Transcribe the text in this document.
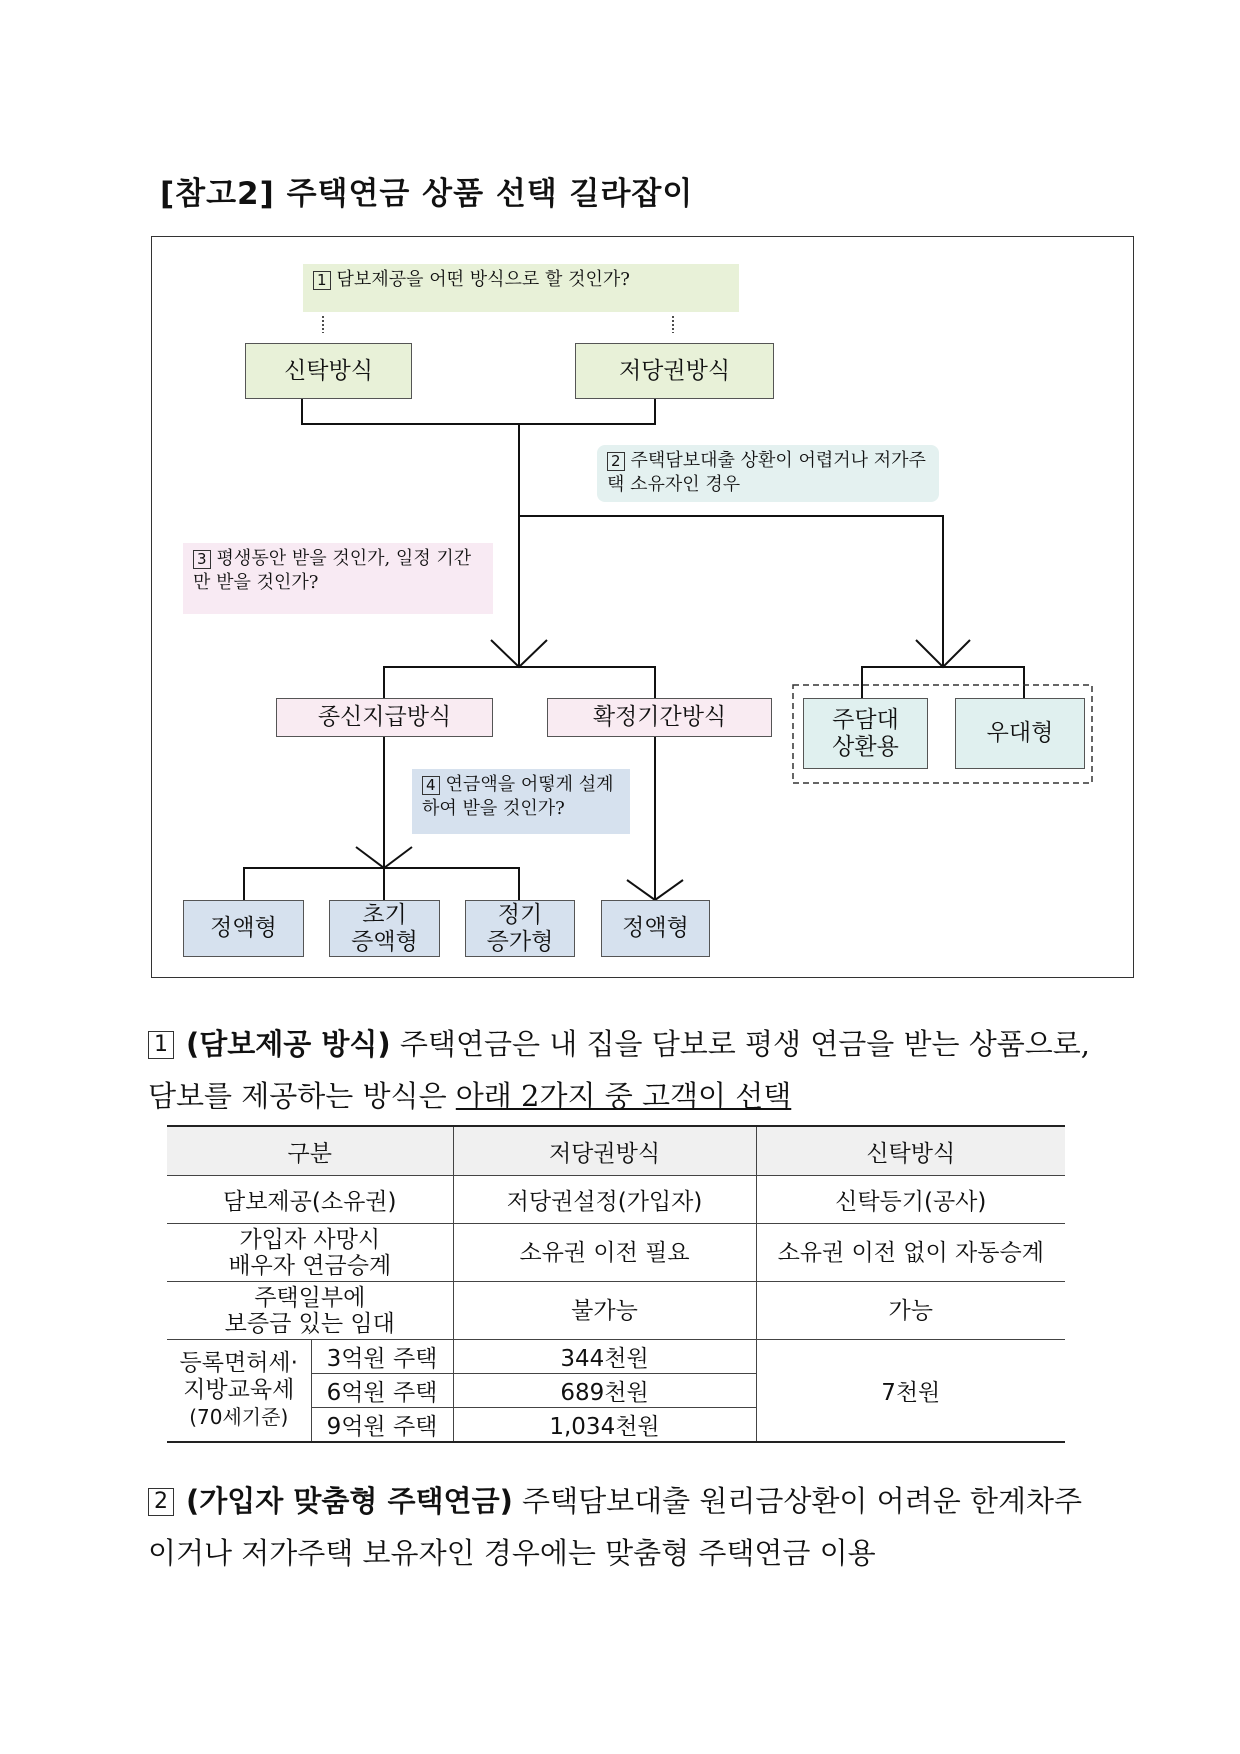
[참고2] 주택연금 상품 선택 길라잡이
1 담보제공을 어떤 방식으로 할 것인가?
2 주택담보대출 상환이 어렵거나 저가주택 소유자인 경우
3 평생동안 받을 것인가, 일정 기간만 받을 것인가?
4 연금액을 어떻게 설계하여 받을 것인가?
신탁방식	저당권방식
종신지급방식	확정기간방식	주담대
상환용
우대형
정액형
초기
증액형
정기
증가형
정액형
1 (담보제공 방식) 주택연금은 내 집을 담보로 평생 연금을 받는 상품으로, 담보를 제공하는 방식은 아래 2가지 중 고객이 선택
구분		저당권방식	신탁방식
담보제공(소유권)		저당권설정(가입자)	신탁등기(공사)

가입자 사망시
배우자 연금승계		소유권 이전 필요	소유권 이전 없이 자동승계

주택일부에
보증금 있는 임대		불가능	가능

등록면허세·
지방교육세
(70세기준)	3억원 주택	344천원	7천원
	6억원 주택	689천원	
	9억원 주택	1,034천원	
2 (가입자 맞춤형 주택연금) 주택담보대출 원리금상환이 어려운 한계차주이거나 저가주택 보유자인 경우에는 맞춤형 주택연금 이용
